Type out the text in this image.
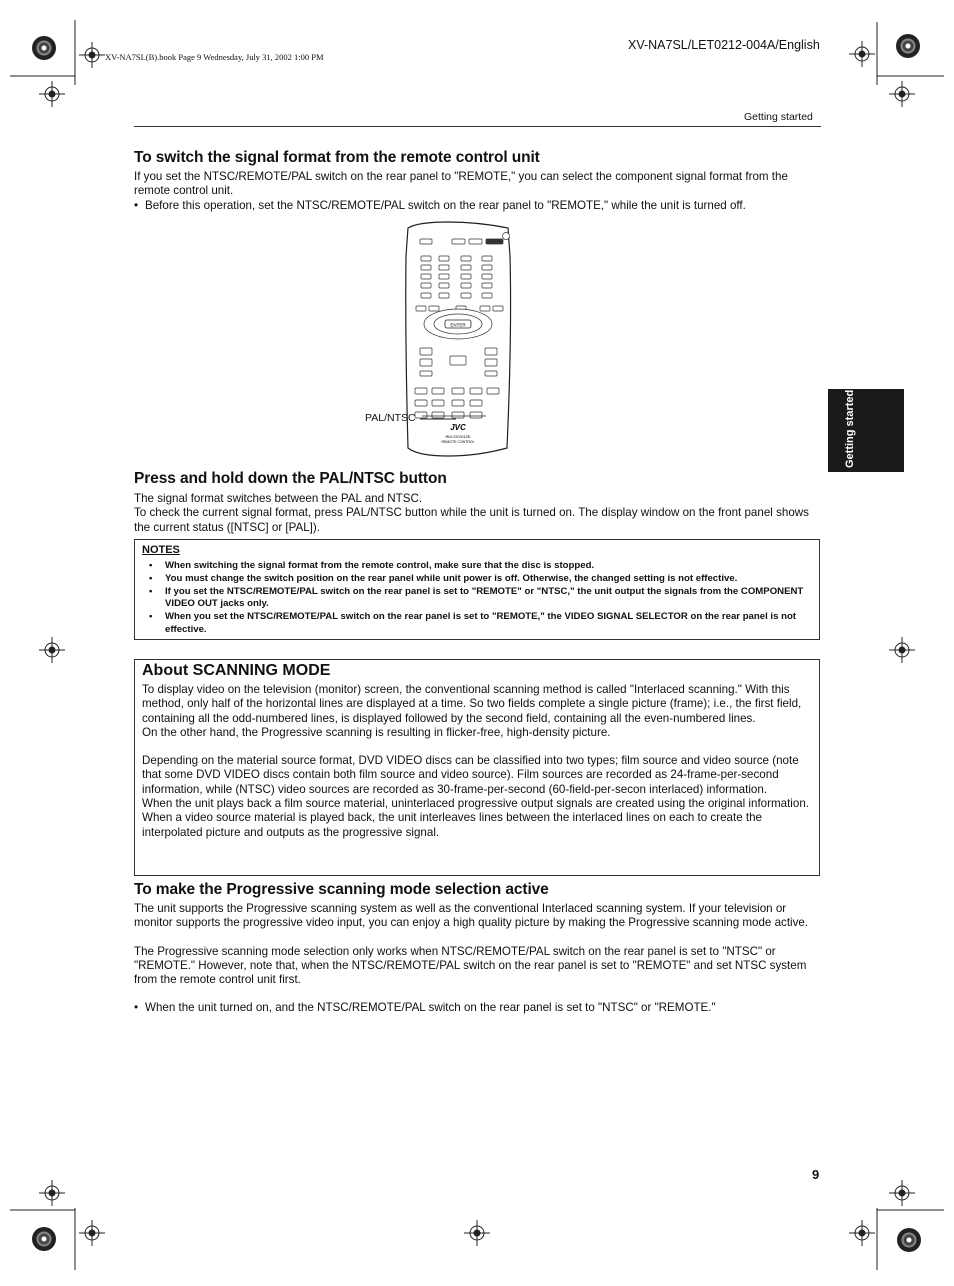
XV-NA7SL(B).book Page 9 Wednesday, July 31, 2002 1:00 PM
XV-NA7SL/LET0212-004A/English
Getting started
To switch the signal format from the remote control unit

If you set the NTSC/REMOTE/PAL switch on the rear panel to "REMOTE," you can select the component signal format from the remote control unit.

• Before this operation, set the NTSC/REMOTE/PAL switch on the rear panel to "REMOTE," while the unit is turned off.
ENTER
JVC
RM-SXV012E
REMOTE CONTROL
PAL/NTSC
Press and hold down the PAL/NTSC button

The signal format switches between the PAL and NTSC.

To check the current signal format, press PAL/NTSC button while the unit is turned on. The display window on the front panel shows the current status ([NTSC] or [PAL]).

NOTES
•	When switching the signal format from the remote control, make sure that the disc is stopped.
•	You must change the switch position on the rear panel while unit power is off. Otherwise, the changed setting is not effective.
•	If you set the NTSC/REMOTE/PAL switch on the rear panel is set to "REMOTE" or "NTSC," the unit output the signals from the COMPONENT VIDEO OUT jacks only.
•	When you set the NTSC/REMOTE/PAL switch on the rear panel is set to "REMOTE," the VIDEO SIGNAL SELECTOR on the rear panel is not effective.
About SCANNING MODE

To display video on the television (monitor) screen, the conventional scanning method is called "Interlaced scanning." With this method, only half of the horizontal lines are displayed at a time. So two fields complete a single picture (frame); i.e., the first field, containing all the odd-numbered lines, is displayed followed by the second field, containing all the even-numbered lines.

On the other hand, the Progressive scanning is resulting in flicker-free, high-density picture.

Depending on the material source format, DVD VIDEO discs can be classified into two types; film source and video source (note that some DVD VIDEO discs contain both film source and video source). Film sources are recorded as 24-frame-per-second information, while (NTSC) video sources are recorded as 30-frame-per-second (60-field-per-secon interlaced) information.

When the unit plays back a film source material, uninterlaced progressive output signals are created using the original information. When a video source material is played back, the unit interleaves lines between the interlaced lines on each to create the interpolated picture and outputs as the progressive signal.

To make the Progressive scanning mode selection active

The unit supports the Progressive scanning system as well as the conventional Interlaced scanning system. If your television or monitor supports the progressive video input, you can enjoy a high quality picture by making the Progressive scanning mode active.

The Progressive scanning mode selection only works when NTSC/REMOTE/PAL switch on the rear panel is set to "NTSC" or "REMOTE." However, note that, when the NTSC/REMOTE/PAL switch on the rear panel is set to "REMOTE" and set NTSC system from the remote control unit first.

• When the unit turned on, and the NTSC/REMOTE/PAL switch on the rear panel is set to "NTSC" or "REMOTE."
Getting started
9
